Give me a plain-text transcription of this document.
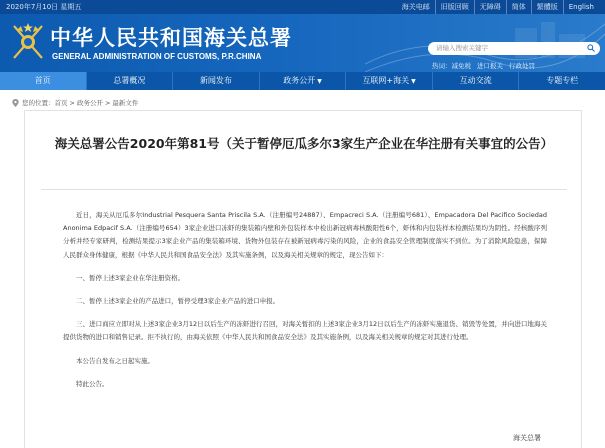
2020年7月10日 星期五	海关电邮	旧版回顾	无障碍	简体	繁體版	English
中华人民共和国海关总署
GENERAL ADMINISTRATION OF CUSTOMS, P.R.CHINA
请输入搜索关键字
热词：减免税 进口报关 行政处罚
首页	总署概况	新闻发布	政务公开 ▼	互联网+海关 ▼	互动交流	专题专栏
您的位置： 首页 > 政务公开 > 最新文件
海关总署公告2020年第81号（关于暂停厄瓜多尔3家生产企业在华注册有关事宜的公告）

近日，海关从厄瓜多尔Industrial Pesquera Santa Priscila S.A.（注册编号24887）、Empacreci S.A.（注册编号681）、Empacadora Del Pacifico Sociedad Anonima Edpacif S.A.（注册编号654）3家企业进口冻虾的集装箱内壁和外包装样本中检出新冠病毒核酸阳性6个，虾体和内包装样本检测结果均为阴性。经核酸序列分析并经专家研判，检测结果提示3家企业产品的集装箱环境、货物外包装存在被新冠病毒污染的风险，企业的食品安全管理制度落实不到位。为了消除风险隐患，保障人民群众身体健康，根据《中华人民共和国食品安全法》及其实施条例，以及海关相关规章的规定，现公告如下：

一、暂停上述3家企业在华注册资格。

二、暂停上述3家企业的产品进口，暂停受理3家企业产品的进口申报。

三、进口商应立即对从上述3家企业3月12日以后生产的冻虾进行召回，对海关暂扣的上述3家企业3月12日以后生产的冻虾实施退货、销毁等处置，并向进口地海关提供货物的进口和销售记录。拒不执行的，由海关依照《中华人民共和国食品安全法》及其实施条例，以及海关相关规章的规定对其进行处理。

本公告自发布之日起实施。

特此公告。

海关总署
